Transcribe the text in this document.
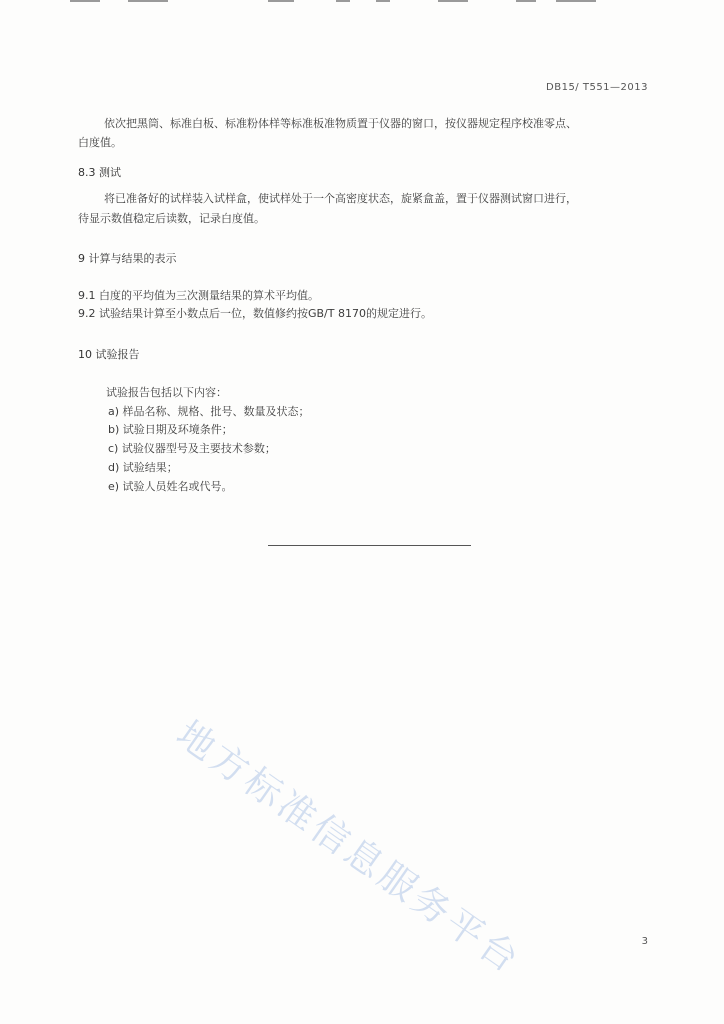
DB15/ T551—2013
依次把黑筒、标准白板、标准粉体样等标准板准物质置于仪器的窗口，按仪器规定程序校准零点、
白度值。
8.3 测试
将已准备好的试样装入试样盒，使试样处于一个高密度状态，旋紧盒盖，置于仪器测试窗口进行，
待显示数值稳定后读数，记录白度值。
9 计算与结果的表示
9.1 白度的平均值为三次测量结果的算术平均值。
9.2 试验结果计算至小数点后一位，数值修约按GB/T 8170的规定进行。
10 试验报告
试验报告包括以下内容：
a) 样品名称、规格、批号、数量及状态；
b) 试验日期及环境条件；
c) 试验仪器型号及主要技术参数；
d) 试验结果；
e) 试验人员姓名或代号。
地方标准信息服务平台	3
